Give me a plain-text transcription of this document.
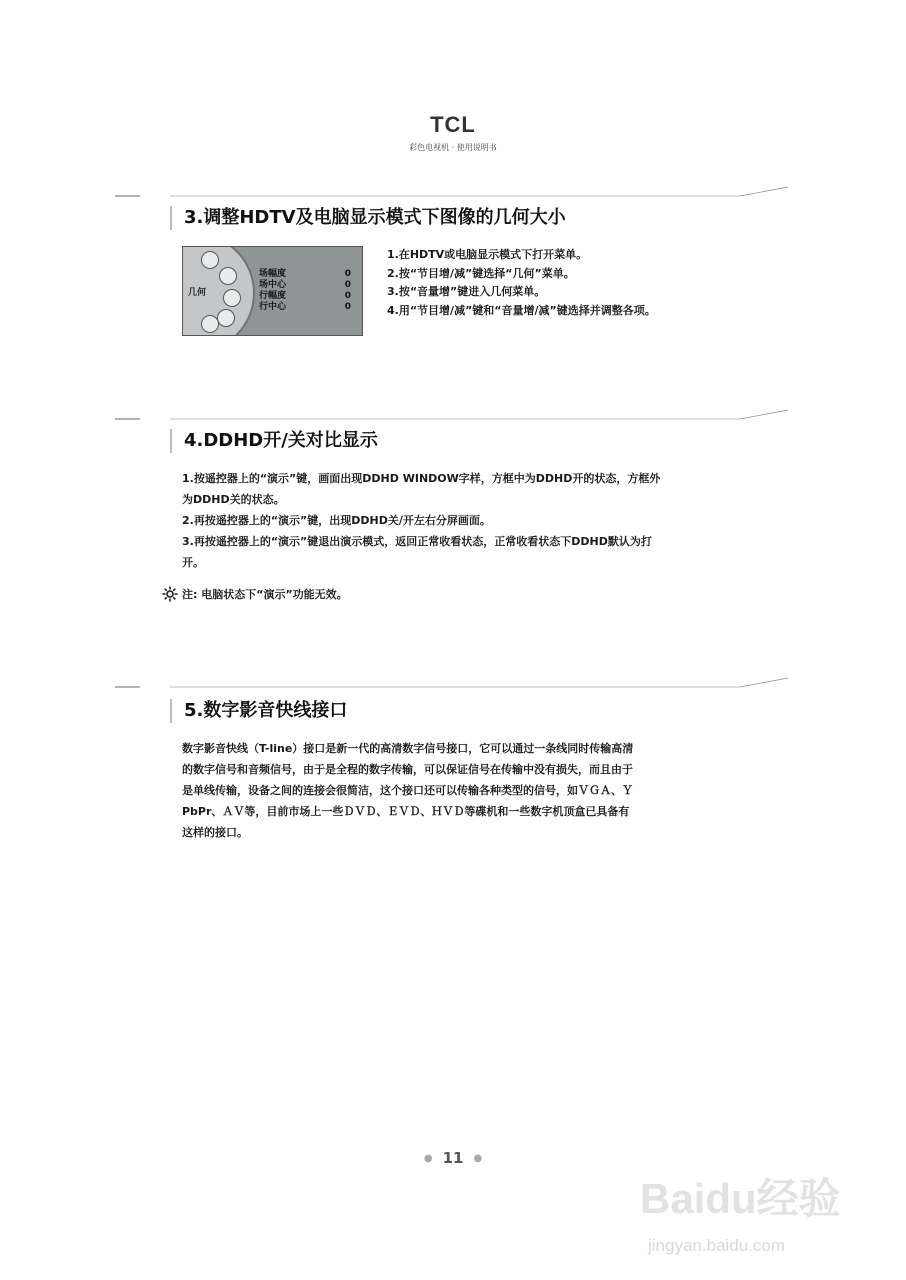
TCL
彩色电视机 · 使用说明书
3.调整HDTV及电脑显示模式下图像的几何大小
几何
场幅度	0
场中心	0
行幅度	0
行中心	0
1.在HDTV或电脑显示模式下打开菜单。
2.按“节目增/减”键选择“几何”菜单。
3.按“音量增”键进入几何菜单。
4.用“节目增/减”键和“音量增/减”键选择并调整各项。
4.DDHD开/关对比显示
1.按遥控器上的“演示”键，画面出现DDHD WINDOW字样，方框中为DDHD开的状态，方框外
为DDHD关的状态。
2.再按遥控器上的“演示”键，出现DDHD关/开左右分屏画面。
3.再按遥控器上的“演示”键退出演示模式，返回正常收看状态，正常收看状态下DDHD默认为打
开。
注: 电脑状态下“演示”功能无效。
5.数字影音快线接口
数字影音快线（T-line）接口是新一代的高清数字信号接口，它可以通过一条线同时传输高清
的数字信号和音频信号，由于是全程的数字传输，可以保证信号在传输中没有损失，而且由于
是单线传输，设备之间的连接会很简洁，这个接口还可以传输各种类型的信号，如ＶＧＡ、Ｙ
PbPr、ＡＶ等，目前市场上一些ＤＶＤ、ＥＶＤ、ＨＶＤ等碟机和一些数字机顶盒已具备有
这样的接口。
● 11 ●
Baidu经验
jingyan.baidu.com
